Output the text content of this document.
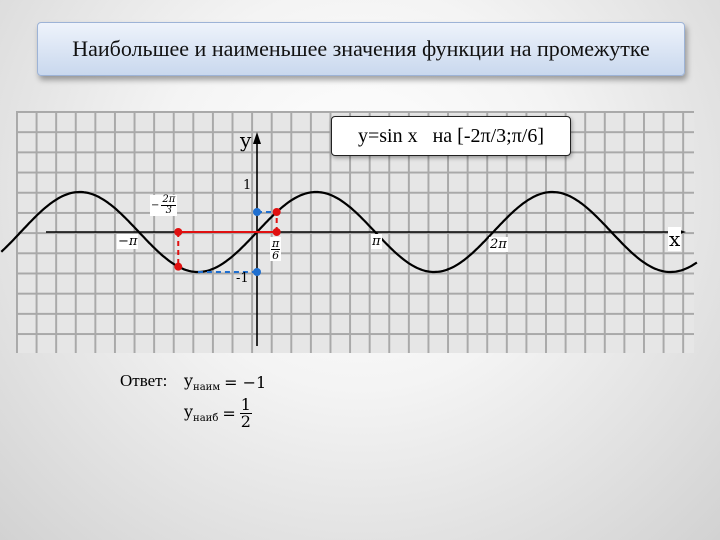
Наибольшее и наименьшее значения функции на промежутке
y=sin x   на [-2π/3;π/6]
y
x
1
-1
−π	π	2π
− $\frac{2\pi}{3}$
$\frac{\pi}{6}$
Ответ: $y_{наим} = -1$
$y_{наиб} = \frac{1}{2}$
